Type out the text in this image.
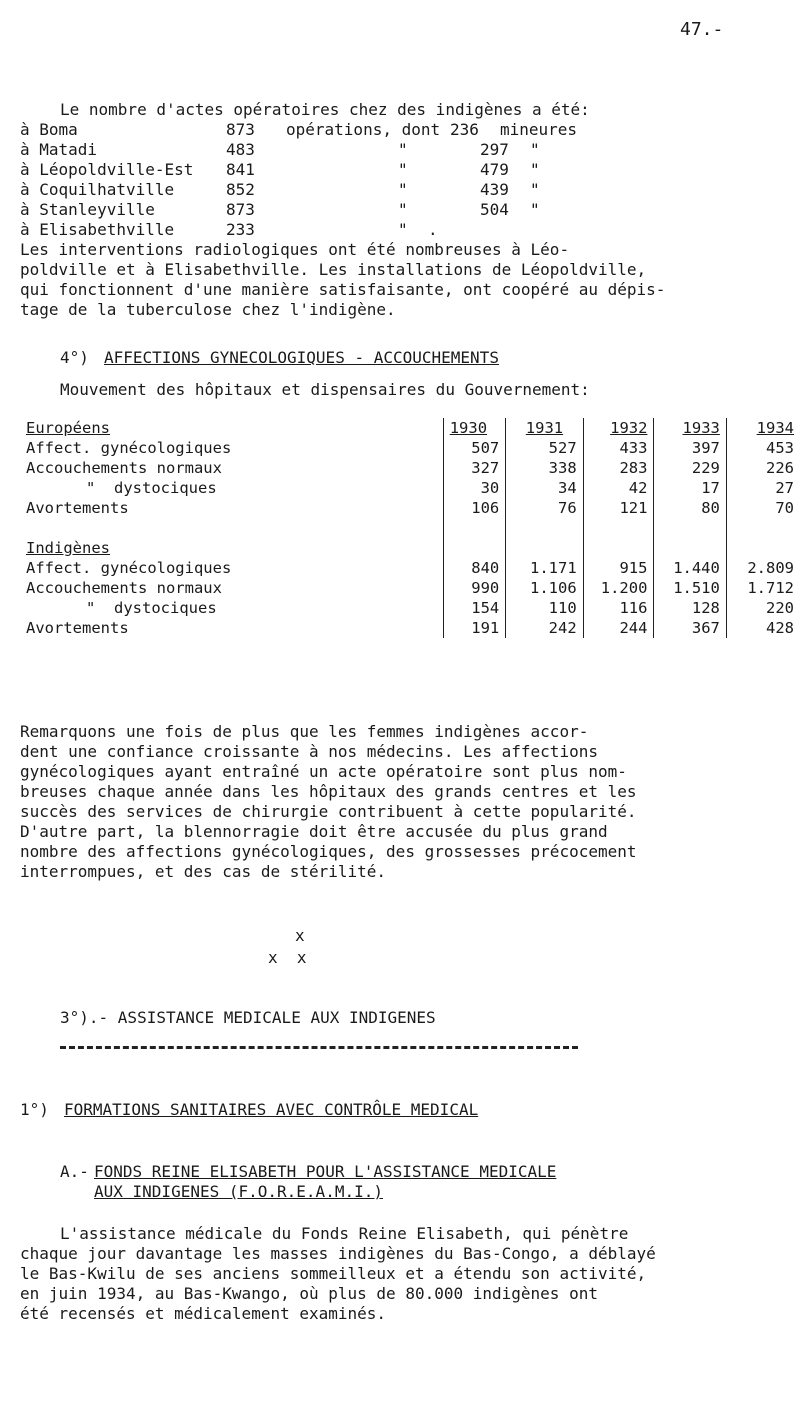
47.-
Le nombre d'actes opératoires chez des indigènes a été:
à Boma	873 opérations, dont 236 mineures
à Matadi	483	"	297 "
à Léopoldville-Est 841	"	479 "
à Coquilhatville	852	"	439 "
à Stanleyville	873	"	504 "
à Elisabethville	233	" .
Les interventions radiologiques ont été nombreuses à Léo-
poldville et à Elisabethville. Les installations de Léopoldville,
qui fonctionnent d'une manière satisfaisante, ont coopéré au dépis-
tage de la tuberculose chez l'indigène.
4°) AFFECTIONS GYNECOLOGIQUES - ACCOUCHEMENTS
Mouvement des hôpitaux et dispensaires du Gouvernement:
Européens	1930	1931	1932	1933	1934
Affect. gynécologiques	507	527	433	397	453
Accouchements normaux	327	338	283	229	226
"  dystociques	30	34	42	17	27
Avortements	106	76	121	80	70

Indigènes					
Affect. gynécologiques	840	1.171	915	1.440	2.809
Accouchements normaux	990	1.106	1.200	1.510	1.712
"  dystociques	154	110	116	128	220
Avortements	191	242	244	367	428
Remarquons une fois de plus que les femmes indigènes accor-
dent une confiance croissante à nos médecins. Les affections
gynécologiques ayant entraîné un acte opératoire sont plus nom-
breuses chaque année dans les hôpitaux des grands centres et les
succès des services de chirurgie contribuent à cette popularité.
D'autre part, la blennorragie doit être accusée du plus grand
nombre des affections gynécologiques, des grossesses précocement
interrompues, et des cas de stérilité.
x
x  x
3°).- ASSISTANCE MEDICALE AUX INDIGENES
1°) FORMATIONS SANITAIRES AVEC CONTRÔLE MEDICAL
A.- FONDS REINE ELISABETH POUR L'ASSISTANCE MEDICALE
AUX INDIGENES (F.O.R.E.A.M.I.)
L'assistance médicale du Fonds Reine Elisabeth, qui pénètre
chaque jour davantage les masses indigènes du Bas-Congo, a déblayé
le Bas-Kwilu de ses anciens sommeilleux et a étendu son activité,
en juin 1934, au Bas-Kwango, où plus de 80.000 indigènes ont
été recensés et médicalement examinés.
